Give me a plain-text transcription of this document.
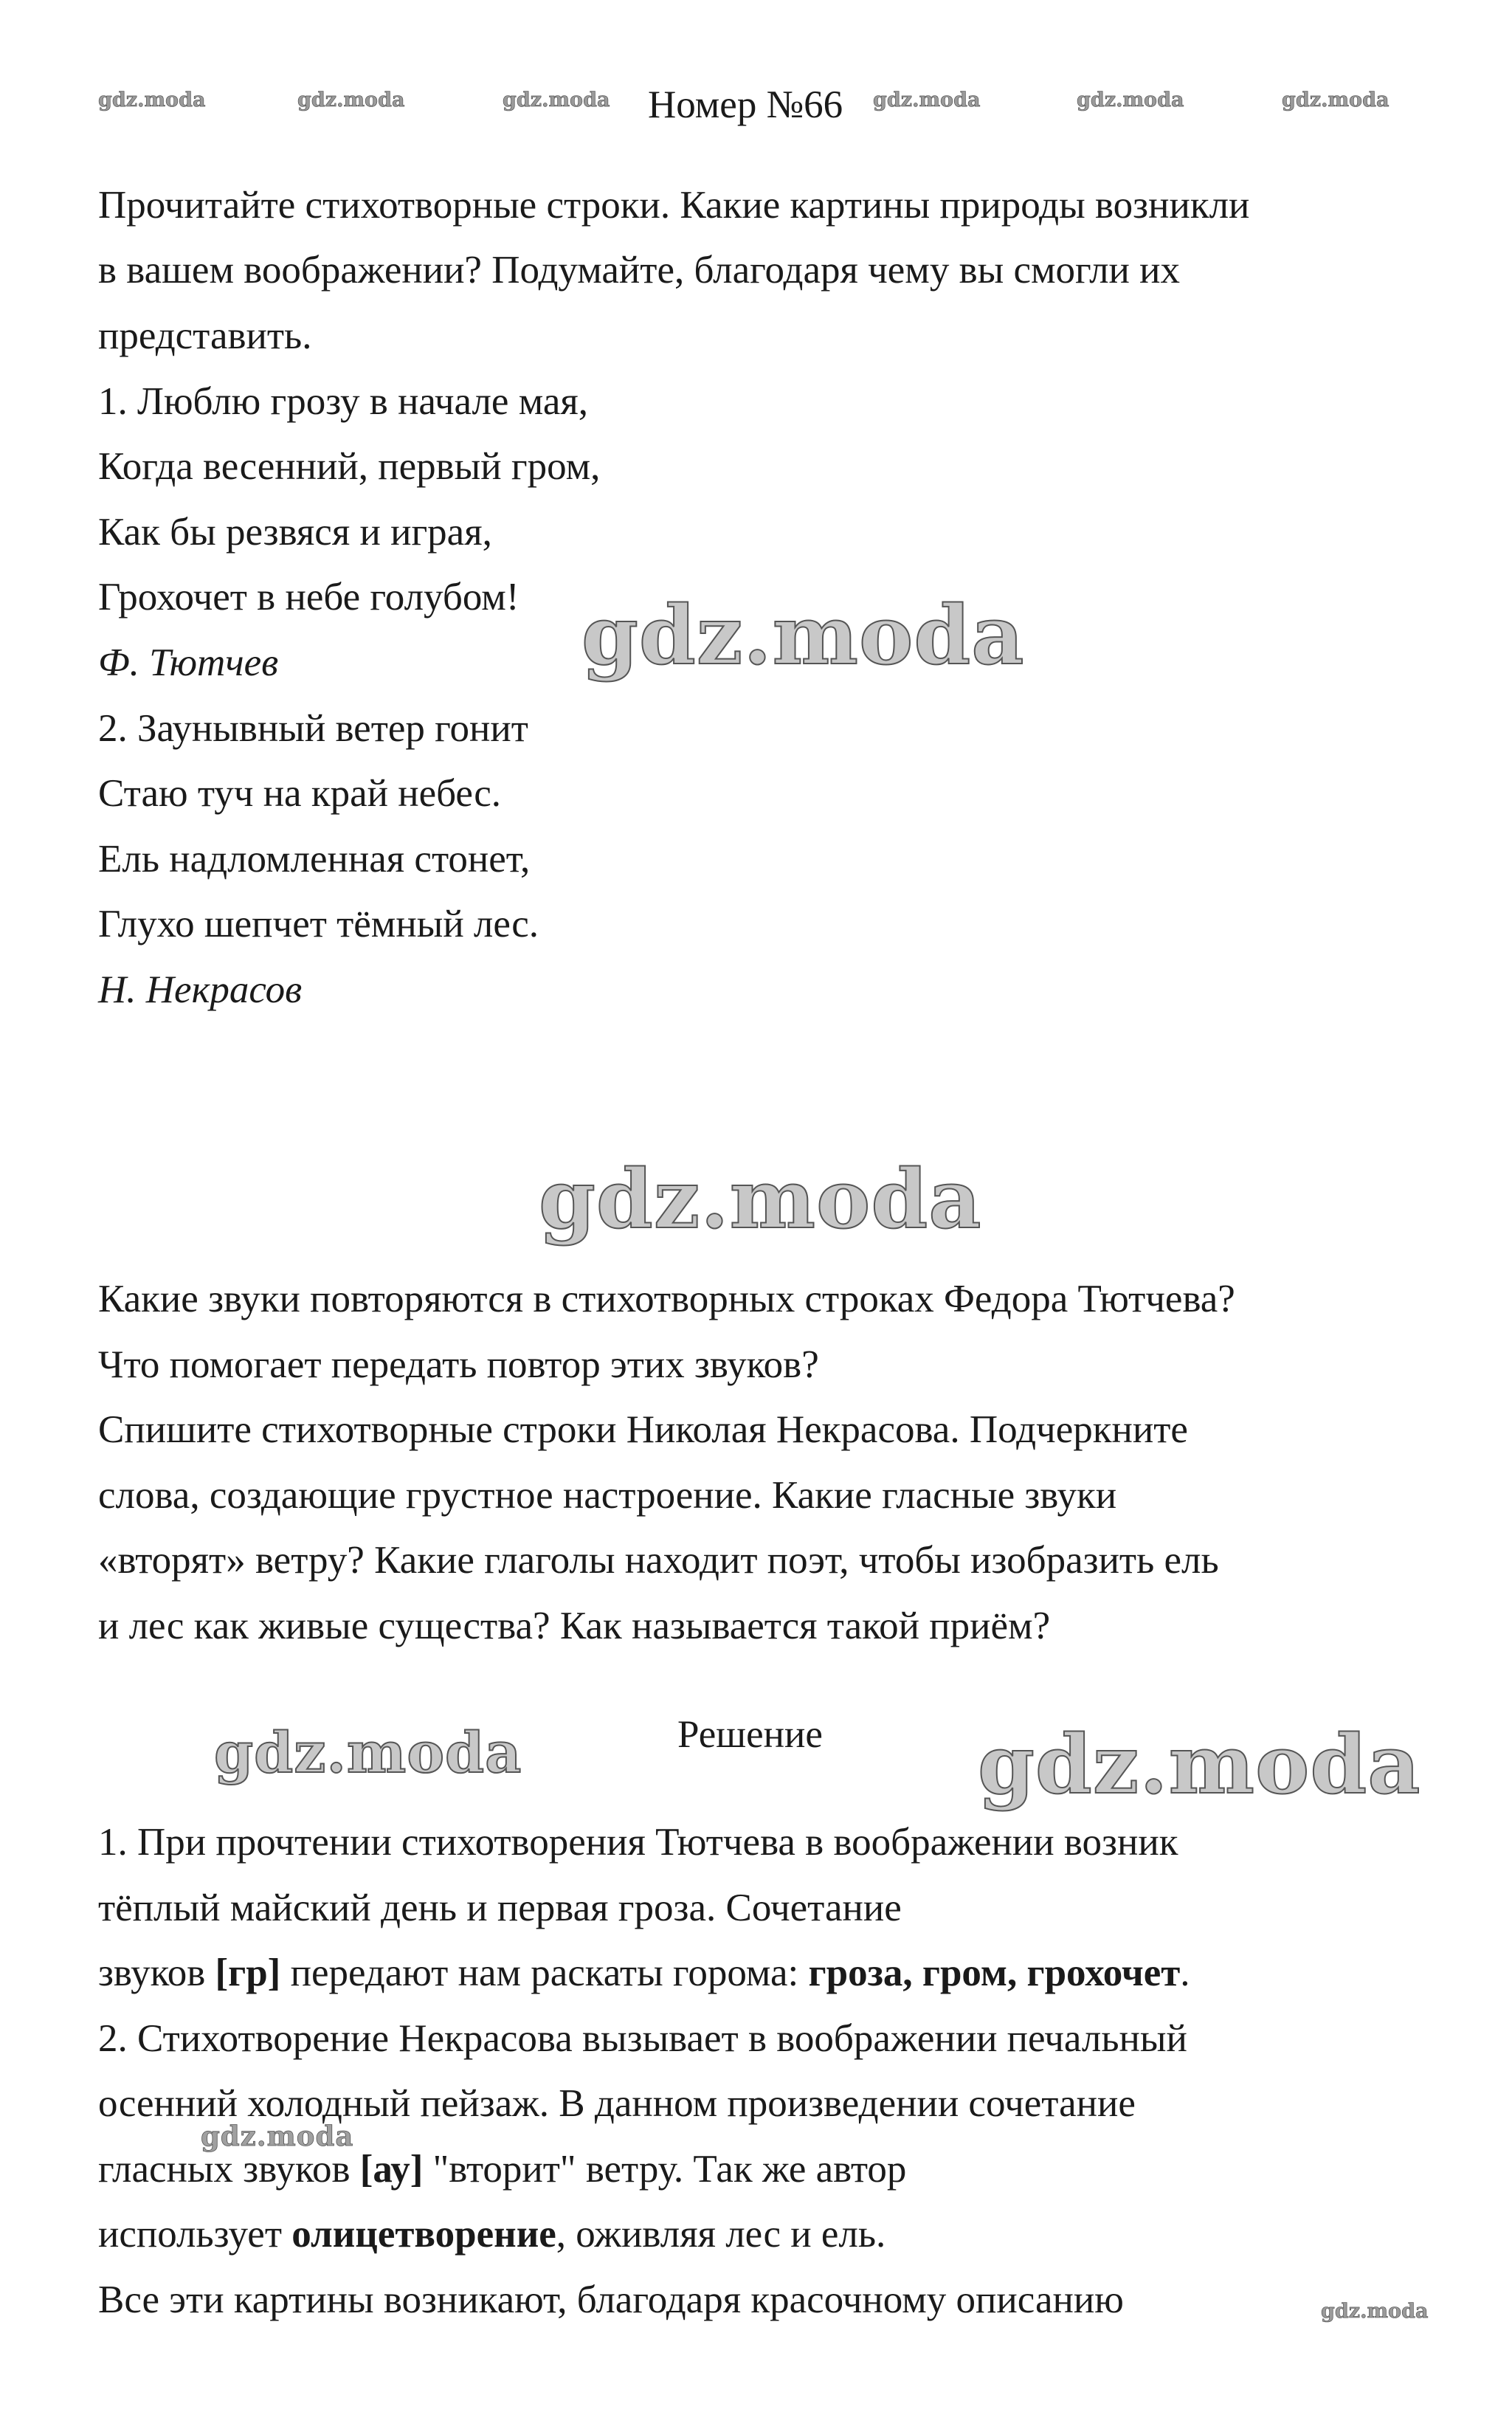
gdz.moda	gdz.moda	gdz.moda	gdz.moda	gdz.moda	gdz.moda
Номер №66
Прочитайте стихотворные строки. Какие картины природы возникли
в вашем воображении? Подумайте, благодаря чему вы смогли их
представить.
1. Люблю грозу в начале мая,
Когда весенний, первый гром,
Как бы резвяся и играя,
Грохочет в небе голубом!
Ф. Тютчев	gdz.moda
2. Заунывный ветер гонит
Стаю туч на край небес.
Ель надломленная стонет,
Глухо шепчет тёмный лес.
Н. Некрасов
gdz.moda
Какие звуки повторяются в стихотворных строках Федора Тютчева?
Что помогает передать повтор этих звуков?
Спишите стихотворные строки Николая Некрасова. Подчеркните
слова, создающие грустное настроение. Какие гласные звуки
«вторят» ветру? Какие глаголы находит поэт, чтобы изобразить ель
и лес как живые существа? Как называется такой приём?
gdz.moda	Решение gdz.moda
1. При прочтении стихотворения Тютчева в воображении возник
тёплый майский день и первая гроза. Сочетание
звуков [гр] передают нам раскаты горома: гроза, гром, грохочет.
2. Стихотворение Некрасова вызывает в воображении печальный
осенний холодный пейзаж. В данном произведении сочетание
gdz.moda
гласных звуков [ау] "вторит" ветру. Так же автор
использует олицетворение, оживляя лес и ель.
Все эти картины возникают, благодаря красочному описанию	gdz.moda
